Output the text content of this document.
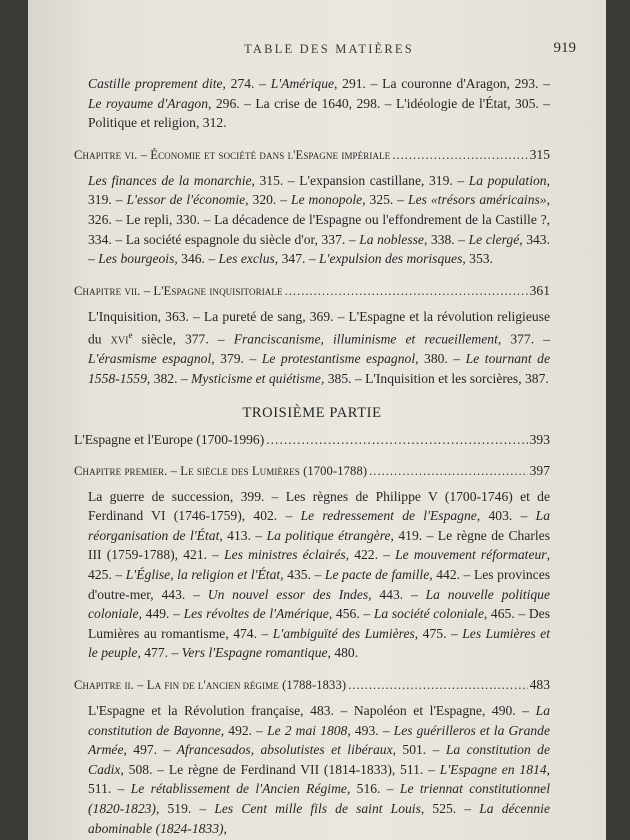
TABLE DES MATIÈRES	919
Castille proprement dite, 274. – L'Amérique, 291. – La couronne d'Aragon, 293. – Le royaume d'Aragon, 296. – La crise de 1640, 298. – L'idéologie de l'État, 305. – Politique et religion, 312.
Chapitre vi. – Économie et société dans l'Espagne impériale .....	315
Les finances de la monarchie, 315. – L'expansion castillane, 319. – La population, 319. – L'essor de l'économie, 320. – Le monopole, 325. – Les «trésors américains», 326. – Le repli, 330. – La décadence de l'Espagne ou l'effondrement de la Castille ?, 334. – La société espagnole du siècle d'or, 337. – La noblesse, 338. – Le clergé, 343. – Les bourgeois, 346. – Les exclus, 347. – L'expulsion des morisques, 353.
Chapitre vii. – L'Espagne inquisitoriale .....	361
L'Inquisition, 363. – La pureté de sang, 369. – L'Espagne et la révolution religieuse du xvi$^e$ siècle, 377. – Franciscanisme, illuminisme et recueillement, 377. – L'érasmisme espagnol, 379. – Le protestantisme espagnol, 380. – Le tournant de 1558-1559, 382. – Mysticisme et quiétisme, 385. – L'Inquisition et les sorcières, 387.
TROISIÈME PARTIE
L'Espagne et l'Europe (1700-1996) .....	393
Chapitre premier. – Le siècle des Lumières (1700-1788) .....	397
La guerre de succession, 399. – Les règnes de Philippe V (1700-1746) et de Ferdinand VI (1746-1759), 402. – Le redressement de l'Espagne, 403. – La réorganisation de l'État, 413. – La politique étrangère, 419. – Le règne de Charles III (1759-1788), 421. – Les ministres éclairés, 422. – Le mouvement réformateur, 425. – L'Église, la religion et l'État, 435. – Le pacte de famille, 442. – Les provinces d'outre-mer, 443. – Un nouvel essor des Indes, 443. – La nouvelle politique coloniale, 449. – Les révoltes de l'Amérique, 456. – La société coloniale, 465. – Des Lumières au romantisme, 474. – L'ambiguïté des Lumières, 475. – Les Lumières et le peuple, 477. – Vers l'Espagne romantique, 480.
Chapitre ii. – La fin de l'ancien régime (1788-1833) .....	483
L'Espagne et la Révolution française, 483. – Napoléon et l'Espagne, 490. – La constitution de Bayonne, 492. – Le 2 mai 1808, 493. – Les guérilleros et la Grande Armée, 497. – Afrancesados, absolutistes et libéraux, 501. – La constitution de Cadix, 508. – Le règne de Ferdinand VII (1814-1833), 511. – L'Espagne en 1814, 511. – Le rétablissement de l'Ancien Régime, 516. – Le triennat constitutionnel (1820-1823), 519. – Les Cent mille fils de saint Louis, 525. – La décennie abominable (1824-1833),
